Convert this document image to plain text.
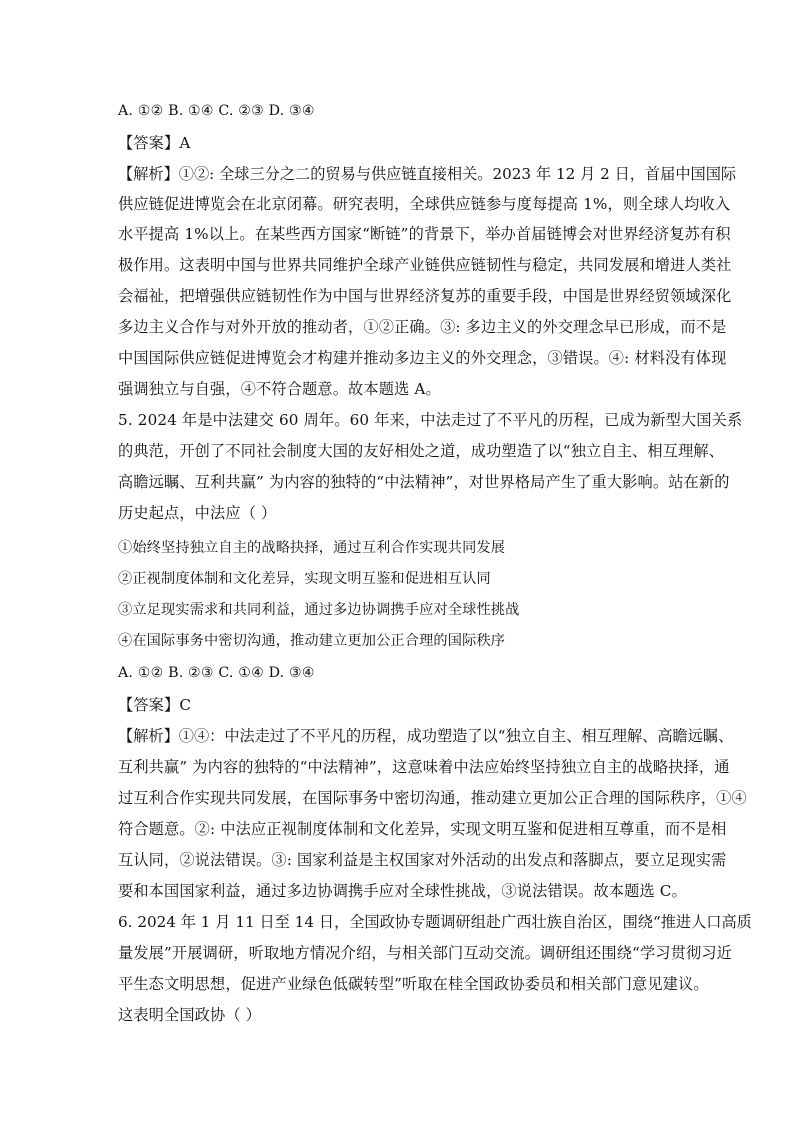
A. ①② B. ①④ C. ②③ D. ③④
【答案】A
【解析】①②: 全球三分之二的贸易与供应链直接相关。2023 年 12 月 2 日，首届中国国际
供应链促进博览会在北京闭幕。研究表明，全球供应链参与度每提高 1%，则全球人均收入
水平提高 1%以上。在某些西方国家“断链”的背景下，举办首届链博会对世界经济复苏有积
极作用。这表明中国与世界共同维护全球产业链供应链韧性与稳定，共同发展和增进人类社
会福祉，把增强供应链韧性作为中国与世界经济复苏的重要手段，中国是世界经贸领域深化
多边主义合作与对外开放的推动者，①②正确。③: 多边主义的外交理念早已形成，而不是
中国国际供应链促进博览会才构建并推动多边主义的外交理念，③错误。④: 材料没有体现
强调独立与自强，④不符合题意。故本题选 A。
5. 2024 年是中法建交 60 周年。60 年来，中法走过了不平凡的历程，已成为新型大国关系
的典范，开创了不同社会制度大国的友好相处之道，成功塑造了以“独立自主、相互理解、
高瞻远瞩、互利共赢” 为内容的独特的“中法精神”，对世界格局产生了重大影响。站在新的
历史起点，中法应（ ）
①始终坚持独立自主的战略抉择，通过互利合作实现共同发展
②正视制度体制和文化差异，实现文明互鉴和促进相互认同
③立足现实需求和共同利益，通过多边协调携手应对全球性挑战
④在国际事务中密切沟通，推动建立更加公正合理的国际秩序
A. ①② B. ②③ C. ①④ D. ③④
【答案】C
【解析】①④：中法走过了不平凡的历程，成功塑造了以“独立自主、相互理解、高瞻远瞩、
互利共赢” 为内容的独特的“中法精神”，这意味着中法应始终坚持独立自主的战略抉择，通
过互利合作实现共同发展，在国际事务中密切沟通，推动建立更加公正合理的国际秩序，①④
符合题意。②: 中法应正视制度体制和文化差异，实现文明互鉴和促进相互尊重，而不是相
互认同，②说法错误。③: 国家利益是主权国家对外活动的出发点和落脚点，要立足现实需
要和本国国家利益，通过多边协调携手应对全球性挑战，③说法错误。故本题选 C。
6. 2024 年 1 月 11 日至 14 日，全国政协专题调研组赴广西壮族自治区，围绕“推进人口高质
量发展”开展调研，听取地方情况介绍，与相关部门互动交流。调研组还围绕“学习贯彻习近
平生态文明思想，促进产业绿色低碳转型”听取在桂全国政协委员和相关部门意见建议。
这表明全国政协（ ）
